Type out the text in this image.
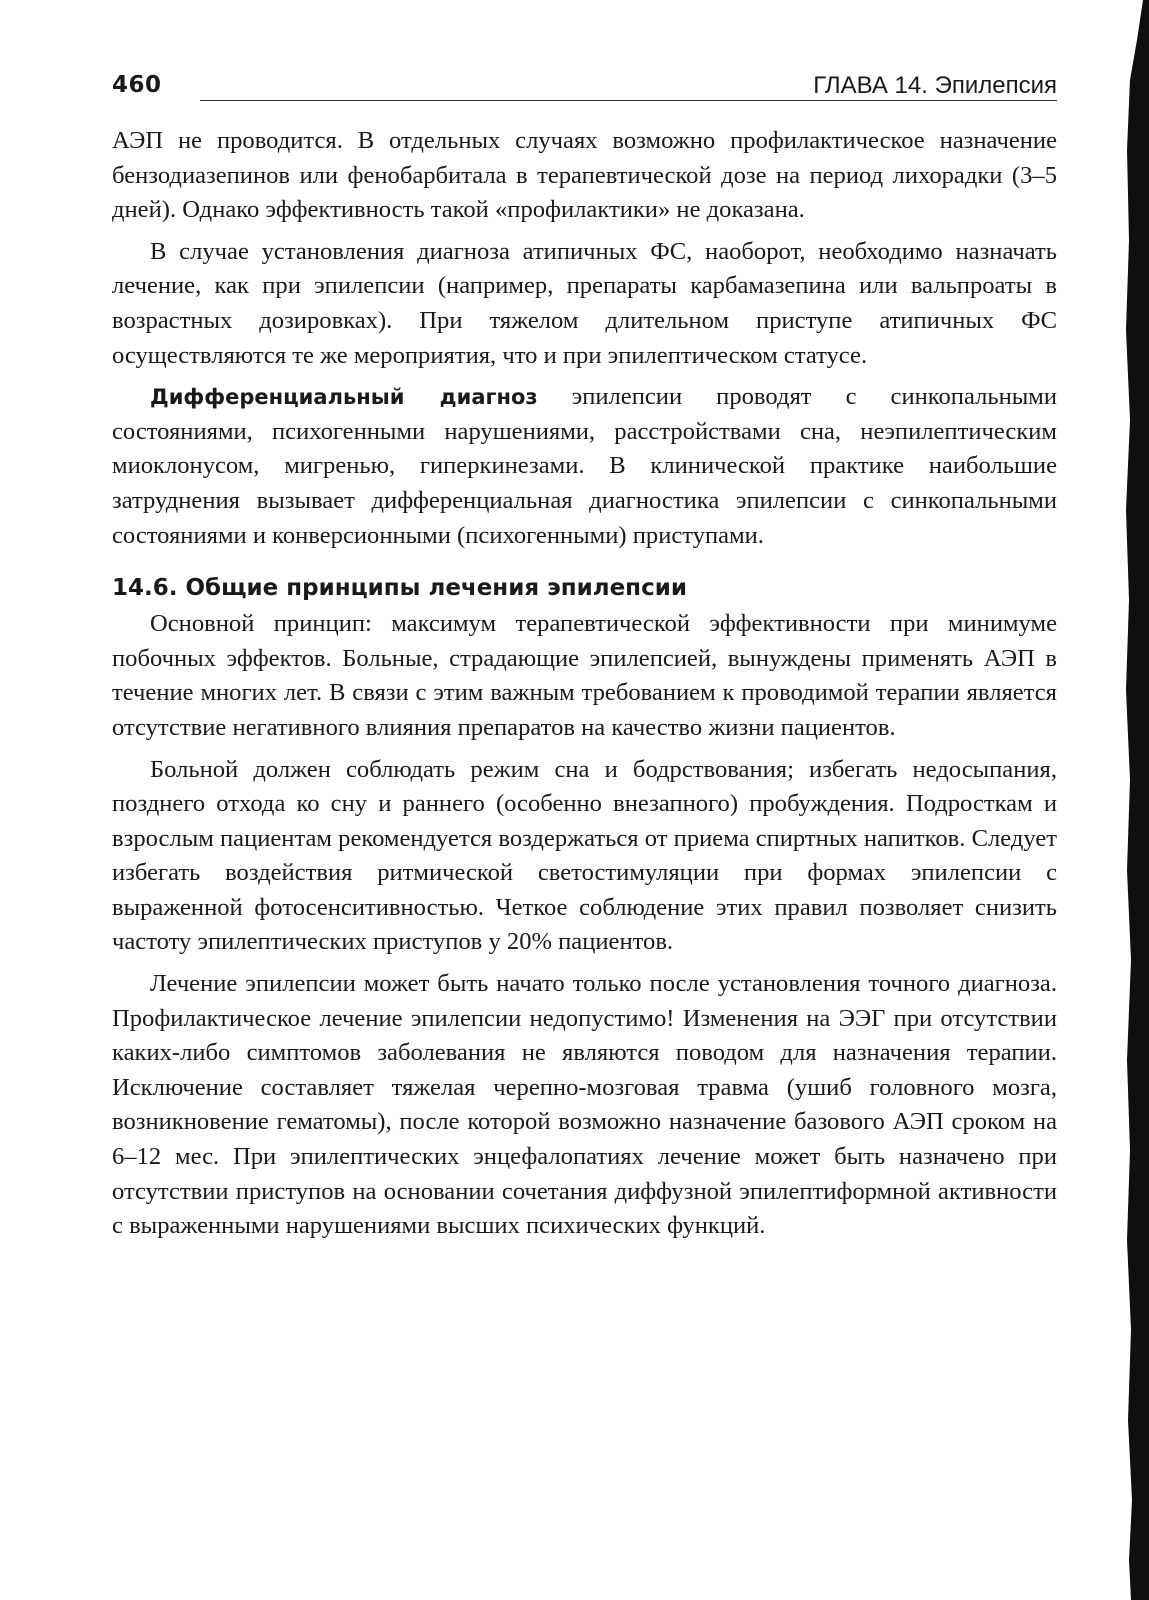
460	ГЛАВА 14. Эпилепсия

АЭП не проводится. В отдельных случаях возможно профилактическое назначение бензодиазепинов или фенобарбитала в терапевтической дозе на период лихорадки (3–5 дней). Однако эффективность такой «профилактики» не доказана.

В случае установления диагноза атипичных ФС, наоборот, необходимо назначать лечение, как при эпилепсии (например, препараты карбамазепина или вальпроаты в возрастных дозировках). При тяжелом длительном приступе атипичных ФС осуществляются те же мероприятия, что и при эпилептическом статусе.

Дифференциальный диагноз эпилепсии проводят с синкопальными состояниями, психогенными нарушениями, расстройствами сна, неэпилептическим миоклонусом, мигренью, гиперкинезами. В клинической практике наибольшие затруднения вызывает дифференциальная диагностика эпилепсии с синкопальными состояниями и конверсионными (психогенными) приступами.

14.6. Общие принципы лечения эпилепсии

Основной принцип: максимум терапевтической эффективности при минимуме побочных эффектов. Больные, страдающие эпилепсией, вынуждены применять АЭП в течение многих лет. В связи с этим важным требованием к проводимой терапии является отсутствие негативного влияния препаратов на качество жизни пациентов.

Больной должен соблюдать режим сна и бодрствования; избегать недосыпания, позднего отхода ко сну и раннего (особенно внезапного) пробуждения. Подросткам и взрослым пациентам рекомендуется воздержаться от приема спиртных напитков. Следует избегать воздействия ритмической светостимуляции при формах эпилепсии с выраженной фотосенситивностью. Четкое соблюдение этих правил позволяет снизить частоту эпилептических приступов у 20% пациентов.

Лечение эпилепсии может быть начато только после установления точного диагноза. Профилактическое лечение эпилепсии недопустимо! Изменения на ЭЭГ при отсутствии каких-либо симптомов заболевания не являются поводом для назначения терапии. Исключение составляет тяжелая черепно-мозговая травма (ушиб головного мозга, возникновение гематомы), после которой возможно назначение базового АЭП сроком на 6–12 мес. При эпилептических энцефалопатиях лечение может быть назначено при отсутствии приступов на основании сочетания диффузной эпилептиформной активности с выраженными нарушениями высших психических функций.
